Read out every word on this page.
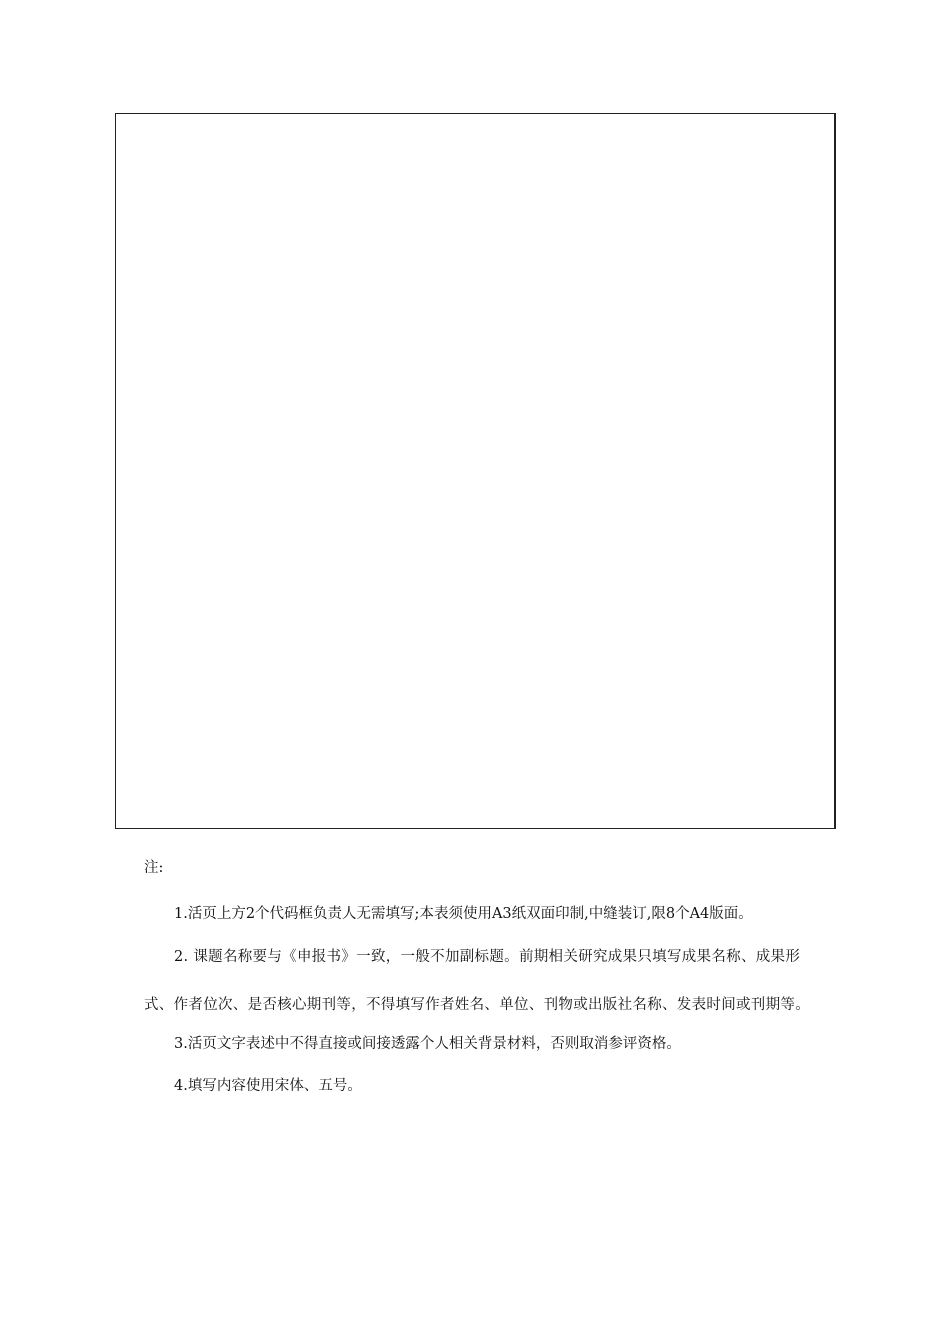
注:

1.活页上方2个代码框负责人无需填写;本表须使用A3纸双面印制,中缝装订,限8个A4版面。

2. 课题名称要与《申报书》一致，一般不加副标题。前期相关研究成果只填写成果名称、成果形式、作者位次、是否核心期刊等，不得填写作者姓名、单位、刊物或出版社名称、发表时间或刊期等。

3.活页文字表述中不得直接或间接透露个人相关背景材料，否则取消参评资格。

4.填写内容使用宋体、五号。
